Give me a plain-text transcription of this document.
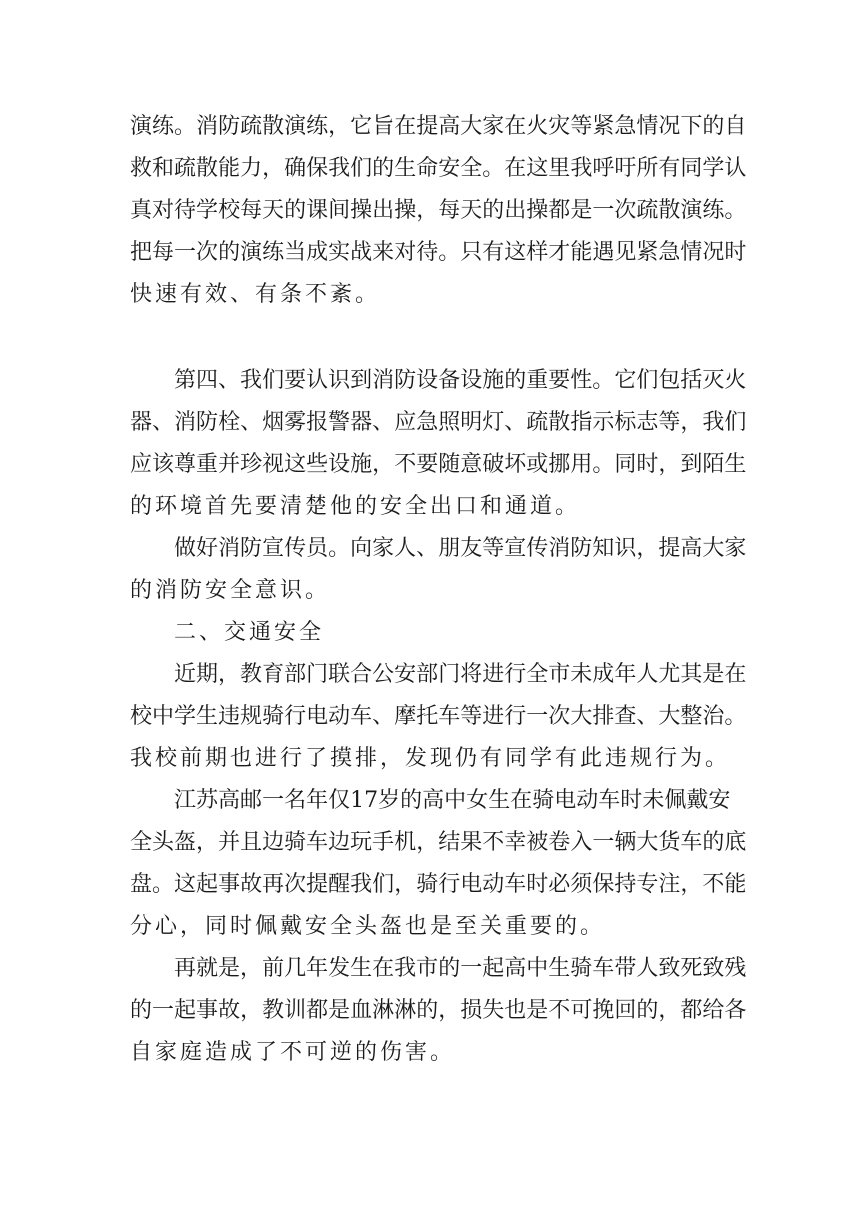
演 练 。 消 防 疏 散 演 练 ， 它 旨 在 提 高 大 家 在 火 灾 等 紧 急 情 况 下 的 自
救 和 疏 散 能 力 ， 确 保 我 们 的 生 命 安 全 。 在 这 里 我 呼 吁 所 有 同 学 认
真 对 待 学 校 每 天 的 课 间 操 出 操 ， 每 天 的 出 操 都 是 一 次 疏 散 演 练 。
把 每 一 次 的 演 练 当 成 实 战 来 对 待 。 只 有 这 样 才 能 遇 见 紧 急 情 况 时
快速有效、有条不紊。
第 四 、 我 们 要 认 识 到 消 防 设 备 设 施 的 重 要 性 。 它 们 包 括 灭 火
器 、 消 防 栓 、 烟 雾 报 警 器 、 应 急 照 明 灯 、 疏 散 指 示 标 志 等 ， 我 们
应 该 尊 重 并 珍 视 这 些 设 施 ， 不 要 随 意 破 坏 或 挪 用 。 同 时 ， 到 陌 生
的环境首先要清楚他的安全出口和通道。
做 好 消 防 宣 传 员 。 向 家 人 、 朋 友 等 宣 传 消 防 知 识 ， 提 高 大 家
的消防安全意识。
二、交通安全
近 期 ， 教 育 部 门 联 合 公 安 部 门 将 进 行 全 市 未 成 年 人 尤 其 是 在
校 中 学 生 违 规 骑 行 电 动 车 、 摩 托 车 等 进 行 一 次 大 排 查 、 大 整 治 。
我校前期也进行了摸排，发现仍有同学有此违规行为。
江 苏 高 邮 一 名 年 仅 1 7 岁 的 高 中 女 生 在 骑 电 动 车 时 未 佩 戴 安
全 头 盔 ， 并 且 边 骑 车 边 玩 手 机 ， 结 果 不 幸 被 卷 入 一 辆 大 货 车 的 底
盘 。 这 起 事 故 再 次 提 醒 我 们 ， 骑 行 电 动 车 时 必 须 保 持 专 注 ， 不 能
分心，同时佩戴安全头盔也是至关重要的。
再 就 是 ， 前 几 年 发 生 在 我 市 的 一 起 高 中 生 骑 车 带 人 致 死 致 残
的 一 起 事 故 ， 教 训 都 是 血 淋 淋 的 ， 损 失 也 是 不 可 挽 回 的 ， 都 给 各
自家庭造成了不可逆的伤害。
